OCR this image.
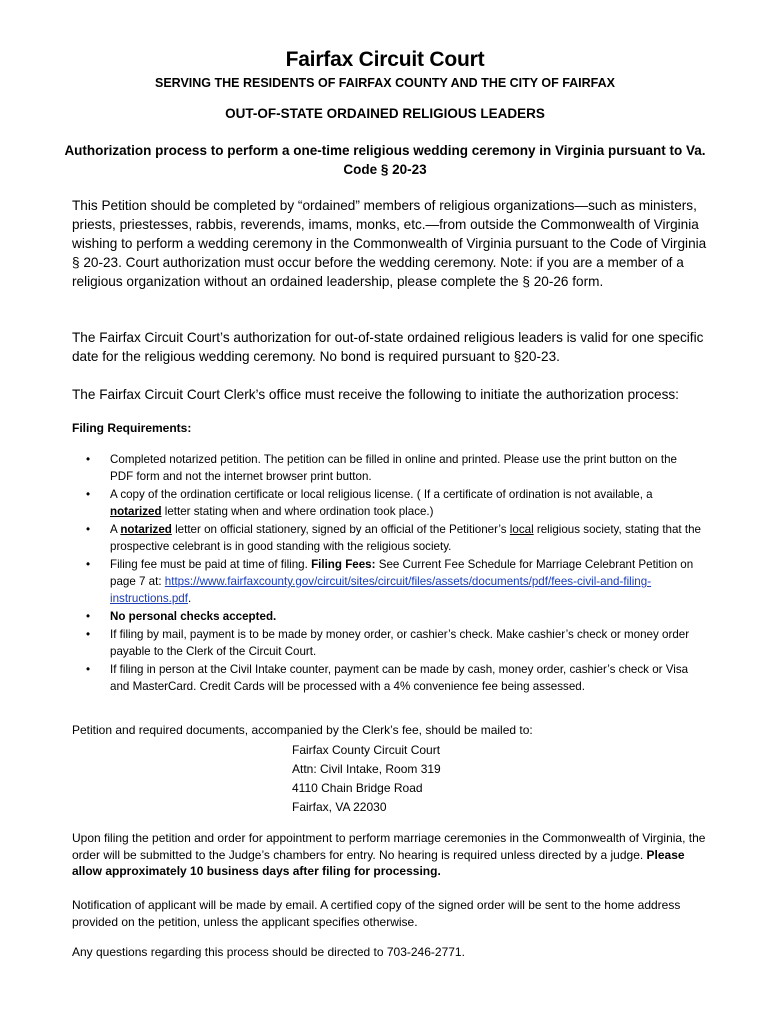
Fairfax Circuit Court
SERVING THE RESIDENTS OF FAIRFAX COUNTY AND THE CITY OF FAIRFAX
OUT-OF-STATE ORDAINED RELIGIOUS LEADERS
Authorization process to perform a one-time religious wedding ceremony in Virginia pursuant to Va. Code § 20-23
This Petition should be completed by “ordained” members of religious organizations—such as ministers, priests, priestesses, rabbis, reverends, imams, monks, etc.—from outside the Commonwealth of Virginia wishing to perform a wedding ceremony in the Commonwealth of Virginia pursuant to the Code of Virginia § 20-23. Court authorization must occur before the wedding ceremony. Note: if you are a member of a religious organization without an ordained leadership, please complete the § 20-26 form.
The Fairfax Circuit Court’s authorization for out-of-state ordained religious leaders is valid for one specific date for the religious wedding ceremony. No bond is required pursuant to §20-23.
The Fairfax Circuit Court Clerk’s office must receive the following to initiate the authorization process:
Filing Requirements:
• Completed notarized petition. The petition can be filled in online and printed. Please use the print button on the PDF form and not the internet browser print button.
• A copy of the ordination certificate or local religious license. ( If a certificate of ordination is not available, a notarized letter stating when and where ordination took place.)
• A notarized letter on official stationery, signed by an official of the Petitioner’s local religious society, stating that the prospective celebrant is in good standing with the religious society.
• Filing fee must be paid at time of filing. Filing Fees: See Current Fee Schedule for Marriage Celebrant Petition on page 7 at: https://www.fairfaxcounty.gov/circuit/sites/circuit/files/assets/documents/pdf/fees-civil-and-filing-instructions.pdf.
• No personal checks accepted.
• If filing by mail, payment is to be made by money order, or cashier’s check. Make cashier’s check or money order payable to the Clerk of the Circuit Court.
• If filing in person at the Civil Intake counter, payment can be made by cash, money order, cashier’s check or Visa and MasterCard. Credit Cards will be processed with a 4% convenience fee being assessed.
Petition and required documents, accompanied by the Clerk’s fee, should be mailed to:
Fairfax County Circuit Court
Attn: Civil Intake, Room 319
4110 Chain Bridge Road
Fairfax, VA 22030
Upon filing the petition and order for appointment to perform marriage ceremonies in the Commonwealth of Virginia, the order will be submitted to the Judge’s chambers for entry. No hearing is required unless directed by a judge. Please allow approximately 10 business days after filing for processing.
Notification of applicant will be made by email. A certified copy of the signed order will be sent to the home address provided on the petition, unless the applicant specifies otherwise.
Any questions regarding this process should be directed to 703-246-2771.
